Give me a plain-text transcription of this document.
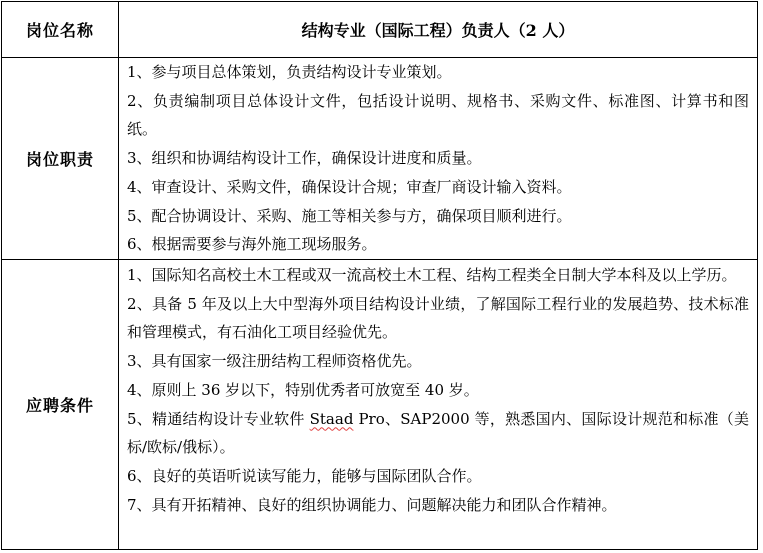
岗位名称	结构专业（国际工程）负责人（2 人）
岗位职责
1、参与项目总体策划，负责结构设计专业策划。
2、负责编制项目总体设计文件，包括设计说明、规格书、采购文件、标准图、计算书和图纸。
3、组织和协调结构设计工作，确保设计进度和质量。
4、审查设计、采购文件，确保设计合规；审查厂商设计输入资料。
5、配合协调设计、采购、施工等相关参与方，确保项目顺利进行。
6、根据需要参与海外施工现场服务。
应聘条件
1、国际知名高校土木工程或双一流高校土木工程、结构工程类全日制大学本科及以上学历。
2、具备 5 年及以上大中型海外项目结构设计业绩，了解国际工程行业的发展趋势、技术标准和管理模式，有石油化工项目经验优先。
3、具有国家一级注册结构工程师资格优先。
4、原则上 36 岁以下，特别优秀者可放宽至 40 岁。
5、精通结构设计专业软件 Staad Pro、SAP2000 等，熟悉国内、国际设计规范和标准（美标/欧标/俄标）。
6、良好的英语听说读写能力，能够与国际团队合作。
7、具有开拓精神、良好的组织协调能力、问题解决能力和团队合作精神。
